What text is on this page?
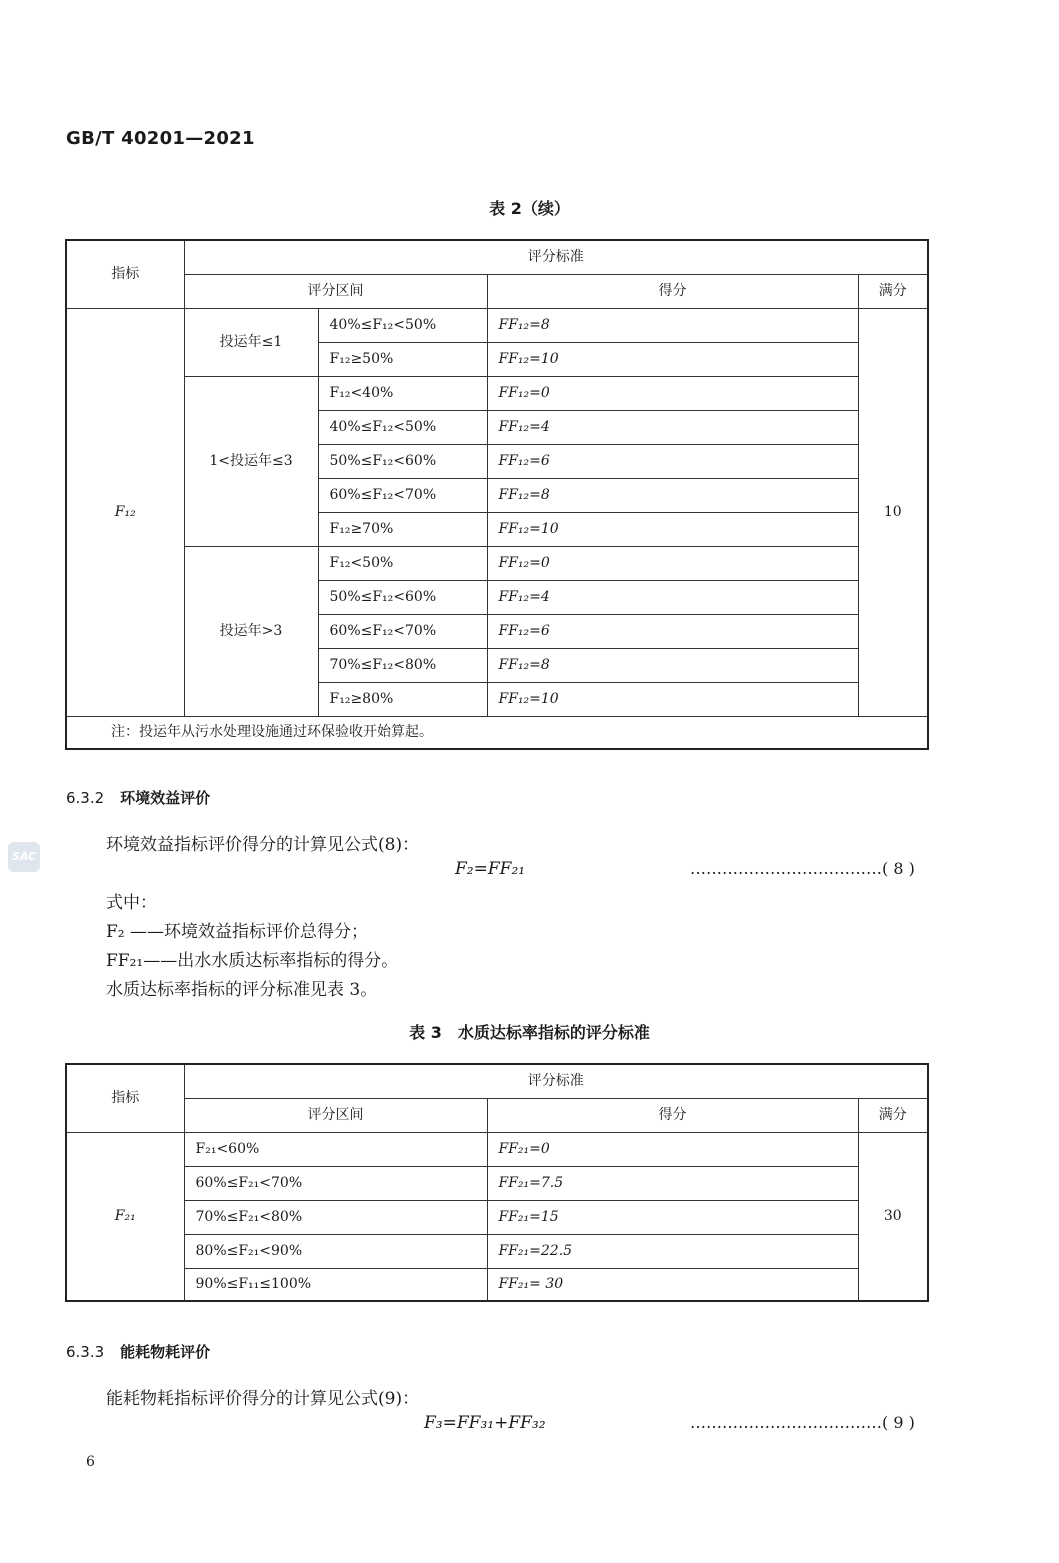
GB/T 40201—2021
表 2（续）
指标	评分标准			
	评分区间		得分	满分
F₁₂	投运年≤1	40%≤F₁₂<50%	FF₁₂=8	10
		F₁₂≥50%	FF₁₂=10	
	1<投运年≤3	F₁₂<40%	FF₁₂=0	
		40%≤F₁₂<50%	FF₁₂=4	
		50%≤F₁₂<60%	FF₁₂=6	
		60%≤F₁₂<70%	FF₁₂=8	
		F₁₂≥70%	FF₁₂=10	
	投运年>3	F₁₂<50%	FF₁₂=0	
		50%≤F₁₂<60%	FF₁₂=4	
		60%≤F₁₂<70%	FF₁₂=6	
		70%≤F₁₂<80%	FF₁₂=8	
		F₁₂≥80%	FF₁₂=10	
注：投运年从污水处理设施通过环保验收开始算起。				
6.3.2 环境效益评价
环境效益指标评价得分的计算见公式(8)：
F₂=FF₂₁	………………………………( 8 )
式中：
F₂ ——环境效益指标评价总得分；
FF₂₁——出水水质达标率指标的得分。
水质达标率指标的评分标准见表 3。
表 3　水质达标率指标的评分标准
指标	评分标准		
	评分区间	得分	满分
F₂₁	F₂₁<60%	FF₂₁=0	30
	60%≤F₂₁<70%	FF₂₁=7.5	
	70%≤F₂₁<80%	FF₂₁=15	
	80%≤F₂₁<90%	FF₂₁=22.5	
	90%≤F₁₁≤100%	FF₂₁= 30	
6.3.3 能耗物耗评价
能耗物耗指标评价得分的计算见公式(9)：
F₃=FF₃₁+FF₃₂	………………………………( 9 )
SAC
6
